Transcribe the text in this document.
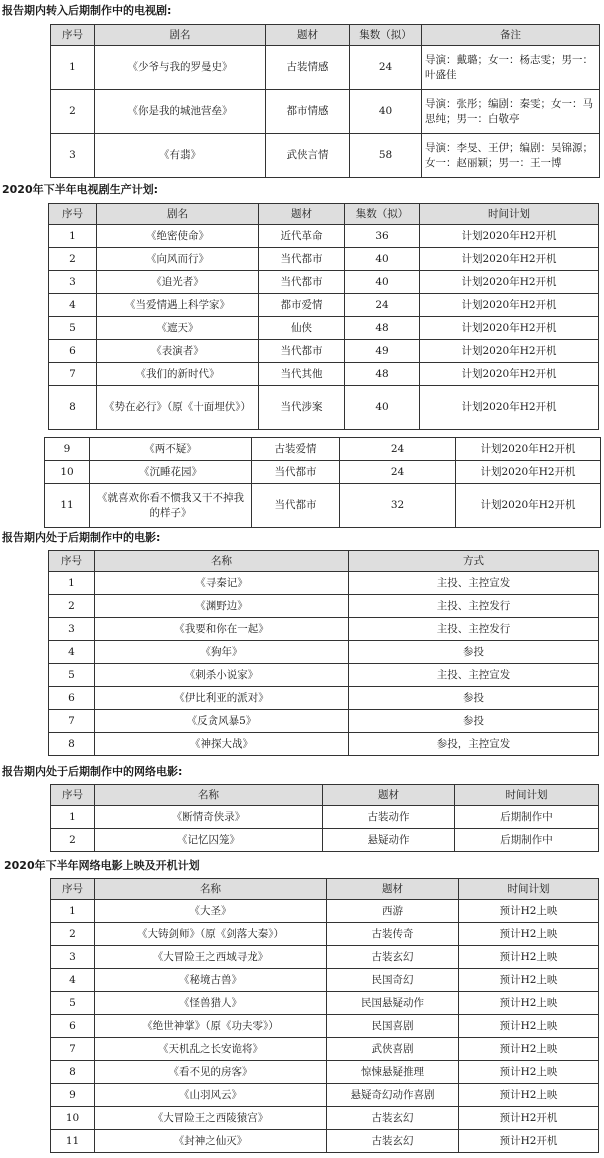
报告期内转入后期制作中的电视剧:
序号	剧名	题材	集数（拟）	备注
1	《少爷与我的罗曼史》	古装情感	24	导演：戴璐；女一：杨志雯；男一：叶盛佳
2	《你是我的城池营垒》	都市情感	40	导演：张彤；编剧：秦雯；女一：马思纯；男一：白敬亭
3	《有翡》	武侠言情	58	导演：李旻、王伊；编剧：吴锦源；女一：赵丽颖；男一：王一博
2020年下半年电视剧生产计划:
序号	剧名	题材	集数（拟）	时间计划
1	《绝密使命》	近代革命	36	计划2020年H2开机
2	《向风而行》	当代都市	40	计划2020年H2开机
3	《追光者》	当代都市	40	计划2020年H2开机
4	《当爱情遇上科学家》	都市爱情	24	计划2020年H2开机
5	《遮天》	仙侠	48	计划2020年H2开机
6	《表演者》	当代都市	49	计划2020年H2开机
7	《我们的新时代》	当代其他	48	计划2020年H2开机
8	《势在必行》（原《十面埋伏》）	当代涉案	40	计划2020年H2开机
9	《两不疑》	古装爱情	24	计划2020年H2开机
10	《沉睡花园》	当代都市	24	计划2020年H2开机
11	《就喜欢你看不惯我又干不掉我的样子》	当代都市	32	计划2020年H2开机
报告期内处于后期制作中的电影:
序号	名称	方式
1	《寻秦记》	主投、主控宣发
2	《渊野边》	主投、主控发行
3	《我要和你在一起》	主投、主控发行
4	《狗年》	参投
5	《刺杀小说家》	主投、主控宣发
6	《伊比利亚的派对》	参投
7	《反贪风暴5》	参投
8	《神探大战》	参投，主控宣发
报告期内处于后期制作中的网络电影:
序号	名称	题材	时间计划
1	《断情奇侠录》	古装动作	后期制作中
2	《记忆囚笼》	悬疑动作	后期制作中
2020年下半年网络电影上映及开机计划
序号	名称	题材	时间计划
1	《大圣》	西游	预计H2上映
2	《大铸剑师》（原《剑落大秦》）	古装传奇	预计H2上映
3	《大冒险王之西域寻龙》	古装玄幻	预计H2上映
4	《秘境古兽》	民国奇幻	预计H2上映
5	《怪兽猎人》	民国悬疑动作	预计H2上映
6	《绝世神掌》（原《功夫零》）	民国喜剧	预计H2上映
7	《天机乱之长安诡将》	武侠喜剧	预计H2上映
8	《看不见的房客》	惊悚悬疑推理	预计H2上映
9	《山羽风云》	悬疑奇幻动作喜剧	预计H2上映
10	《大冒险王之西陵猿宫》	古装玄幻	预计H2开机
11	《封神之仙灭》	古装玄幻	预计H2开机
